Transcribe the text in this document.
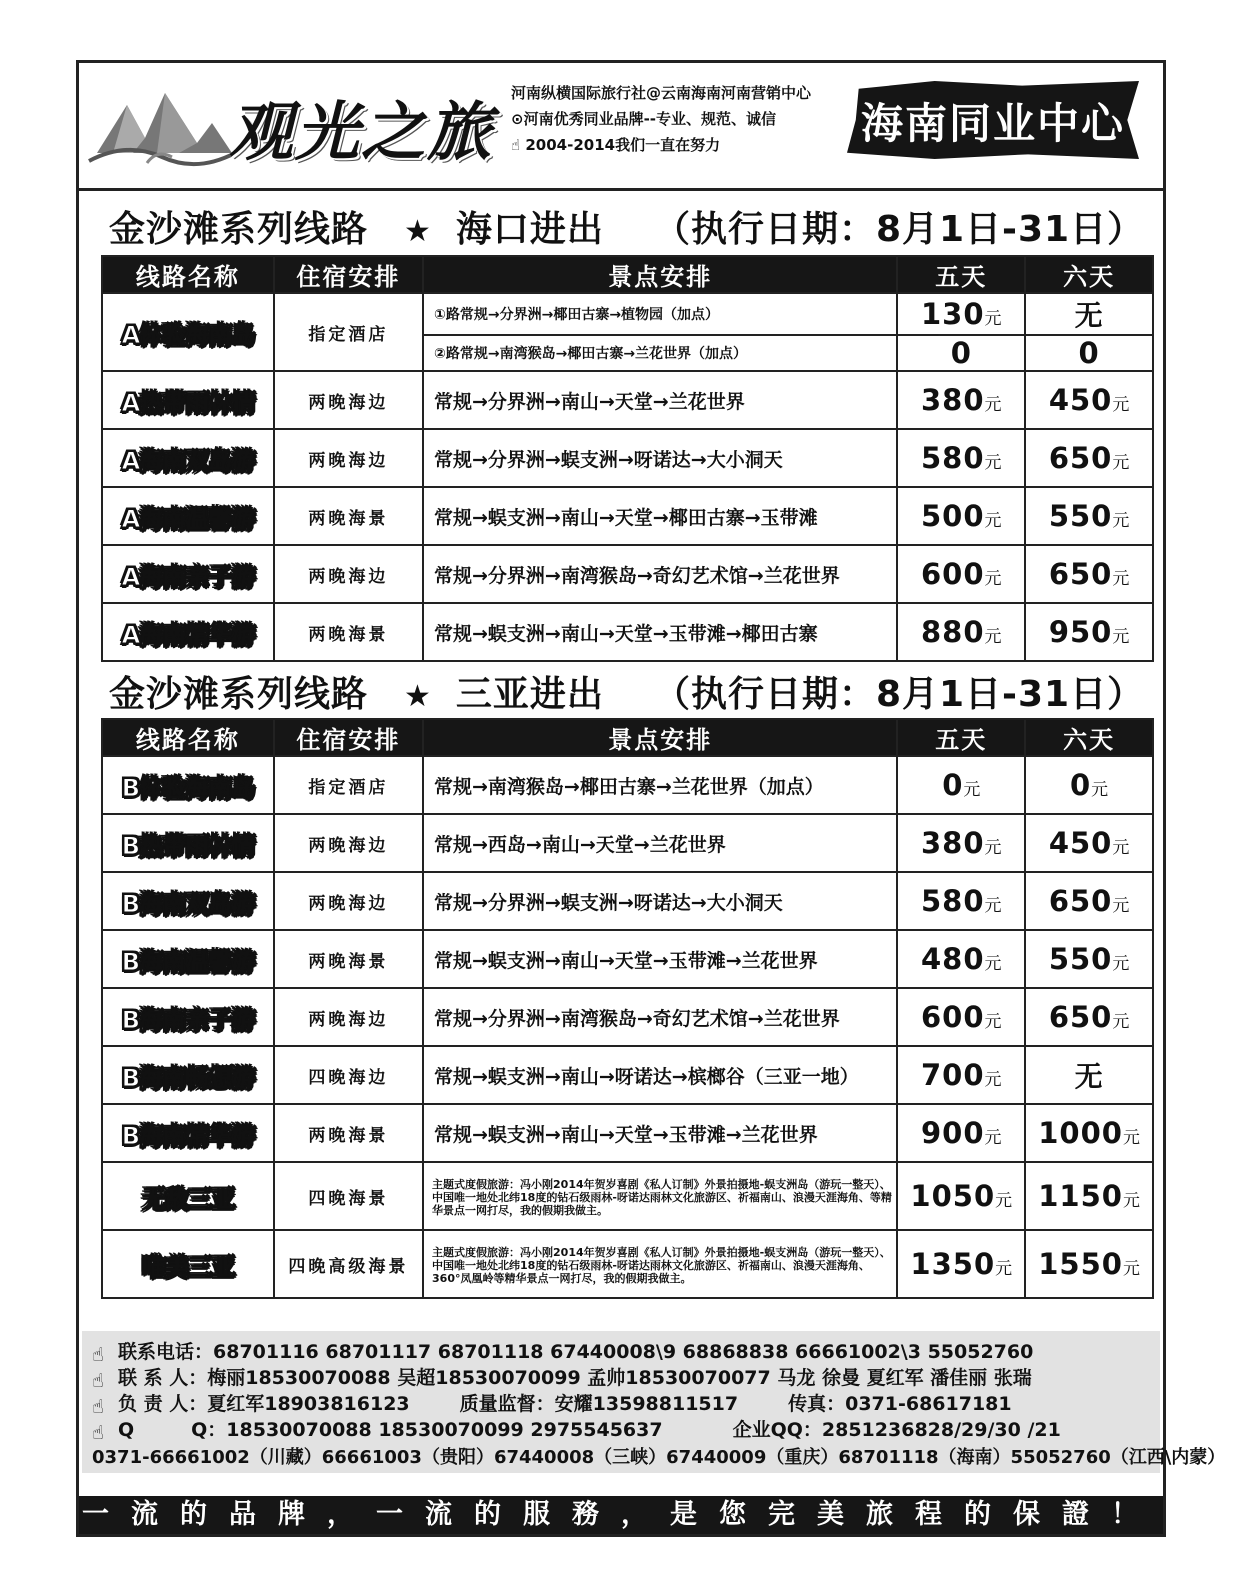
观光之旅
河南纵横国际旅行社@云南海南河南营销中心
⊙河南优秀同业品牌--专业、规范、诚信
☝ 2004-2014我们一直在努力	海南同业中心
金沙滩系列线路 ★ 海口进出 （执行日期：8月1日-31日）
线路名称	住宿安排	景点安排	五天	六天
A体验海南岛	指定酒店	①路常规→分界洲→椰田古寨→植物园（加点）	130元	无
		②路常规→南湾猴岛→椰田古寨→兰花世界（加点）	0	0
A热带雨林情	两晚海边	常规→分界洲→南山→天堂→兰花世界	380元	450元
A海南双岛游	两晚海边	常规→分界洲→蜈支洲→呀诺达→大小洞天	580元	650元
A海南温馨游	两晚海景	常规→蜈支洲→南山→天堂→椰田古寨→玉带滩	500元	550元
A海南亲子游	两晚海边	常规→分界洲→南湾猴岛→奇幻艺术馆→兰花世界	600元	650元
A海南精华游	两晚海景	常规→蜈支洲→南山→天堂→玉带滩→椰田古寨	880元	950元
金沙滩系列线路 ★ 三亚进出 （执行日期：8月1日-31日）
线路名称	住宿安排	景点安排	五天	六天
B体验海南岛	指定酒店	常规→南湾猴岛→椰田古寨→兰花世界（加点）	0元	0元
B热带雨林情	两晚海边	常规→西岛→南山→天堂→兰花世界	380元	450元
B海南双岛游	两晚海边	常规→分界洲→蜈支洲→呀诺达→大小洞天	580元	650元
B海南温馨游	两晚海景	常规→蜈支洲→南山→天堂→玉带滩→兰花世界	480元	550元
B海南亲子游	两晚海边	常规→分界洲→南湾猴岛→奇幻艺术馆→兰花世界	600元	650元
B海南畅想游	四晚海边	常规→蜈支洲→南山→呀诺达→槟榔谷（三亚一地）	700元	无
B海南精华游	两晚海景	常规→蜈支洲→南山→天堂→玉带滩→兰花世界	900元	1000元
无敌三亚	四晚海景	主题式度假旅游：冯小刚2014年贺岁喜剧《私人订制》外景拍摄地-蜈支洲岛（游玩一整天）、中国唯一地处北纬18度的钻石级雨林-呀诺达雨林文化旅游区、祈福南山、浪漫天涯海角、等精华景点一网打尽，我的假期我做主。	1050元	1150元
唯美三亚	四晚高级海景	主题式度假旅游：冯小刚2014年贺岁喜剧《私人订制》外景拍摄地-蜈支洲岛（游玩一整天）、中国唯一地处北纬18度的钻石级雨林-呀诺达雨林文化旅游区、祈福南山、浪漫天涯海角、360°凤凰岭等精华景点一网打尽，我的假期我做主。	1350元	1550元
☝ 联系电话：68701116 68701117 68701118 67440008\9 68868838 66661002\3 55052760
☝ 联 系 人：梅丽18530070088 吴超18530070099 孟帅18530070077 马龙 徐曼 夏红军 潘佳丽 张瑞
☝ 负 责 人：夏红军18903816123	质量监督：安耀13598811517	传真：0371-68617181
☝ Q　　　Q：18530070088 18530070099 2975545637	企业QQ：2851236828/29/30 /21
0371-66661002（川藏）66661003（贵阳）67440008（三峡）67440009（重庆）68701118（海南）55052760（江西\内蒙）
一流的品牌，一流的服務，是您完美旅程的保證！
